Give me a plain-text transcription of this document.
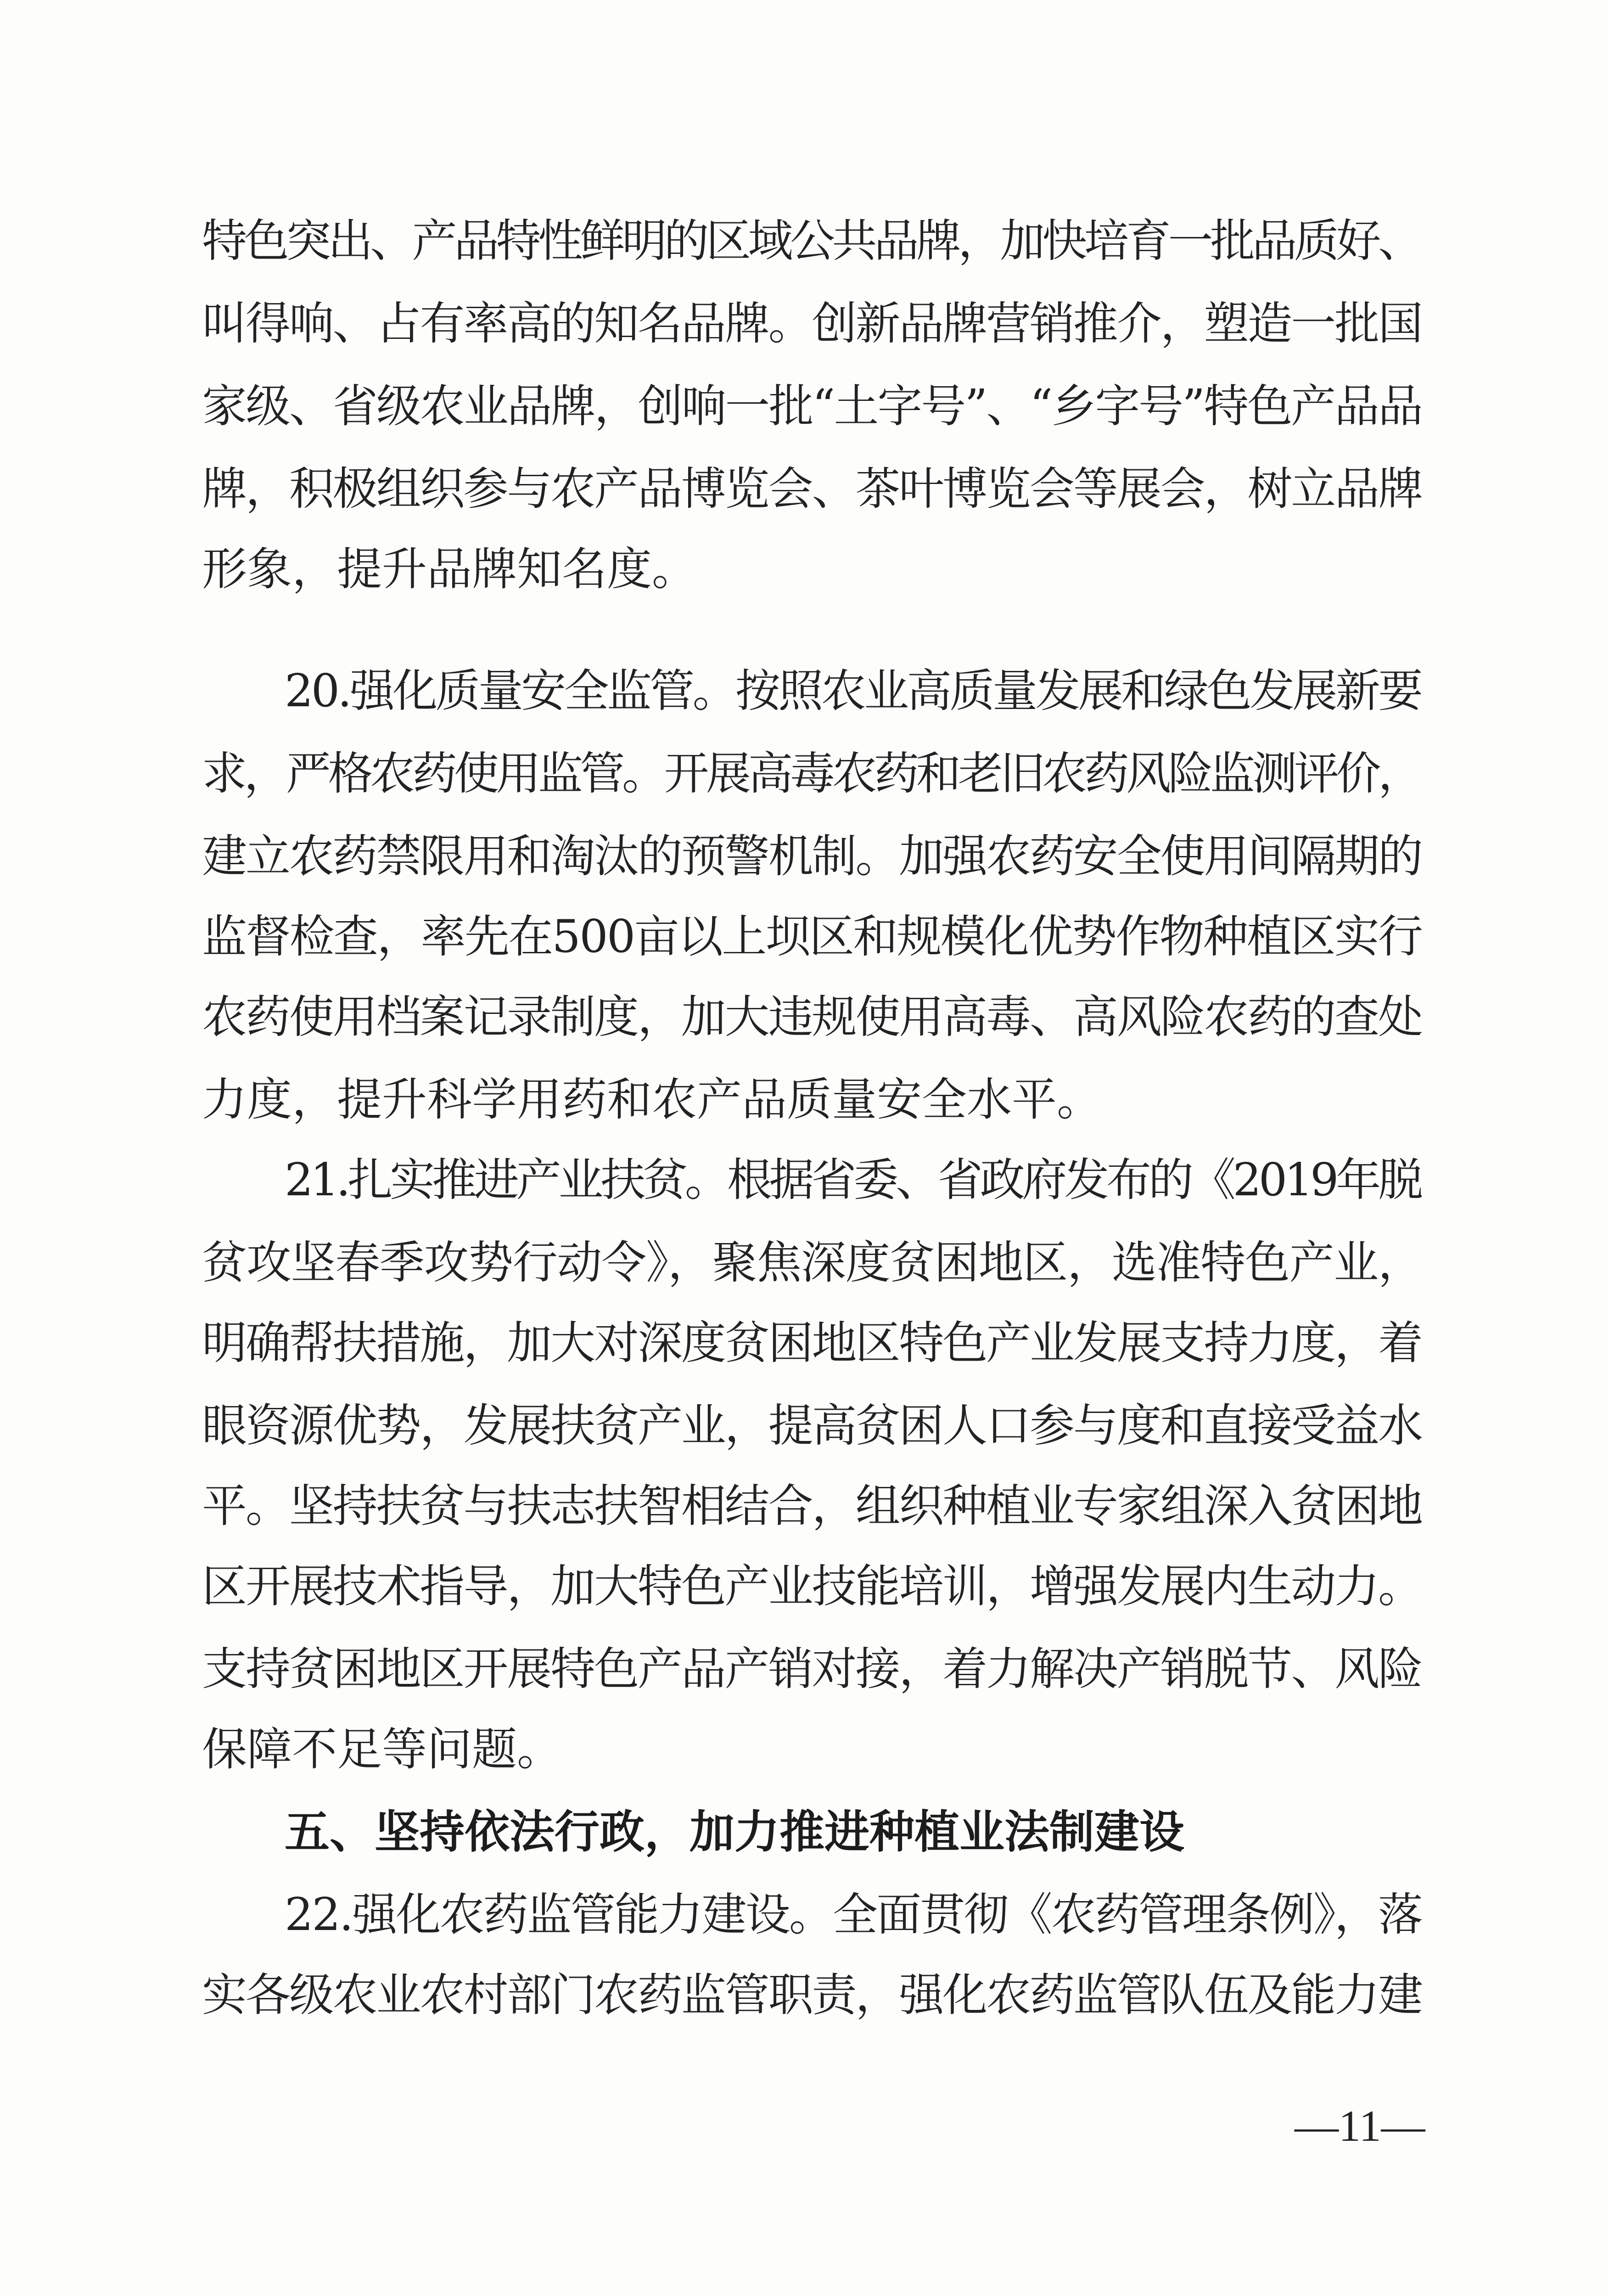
特色突出、产品特性鲜明的区域公共品牌，加快培育一批品质好、
叫得响、占有率高的知名品牌。创新品牌营销推介，塑造一批国
家级、省级农业品牌，创响一批“土字号”、“乡字号”特色产品品
牌，积极组织参与农产品博览会、茶叶博览会等展会，树立品牌
形象，提升品牌知名度。
20.强化质量安全监管。按照农业高质量发展和绿色发展新要
求，严格农药使用监管。开展高毒农药和老旧农药风险监测评价，
建立农药禁限用和淘汰的预警机制。加强农药安全使用间隔期的
监督检查，率先在500亩以上坝区和规模化优势作物种植区实行
农药使用档案记录制度，加大违规使用高毒、高风险农药的查处
力度，提升科学用药和农产品质量安全水平。
21.扎实推进产业扶贫。根据省委、省政府发布的《2019年脱
贫攻坚春季攻势行动令》，聚焦深度贫困地区，选准特色产业，
明确帮扶措施，加大对深度贫困地区特色产业发展支持力度，着
眼资源优势，发展扶贫产业，提高贫困人口参与度和直接受益水
平。坚持扶贫与扶志扶智相结合，组织种植业专家组深入贫困地
区开展技术指导，加大特色产业技能培训，增强发展内生动力。
支持贫困地区开展特色产品产销对接，着力解决产销脱节、风险
保障不足等问题。
五、坚持依法行政，加力推进种植业法制建设
22.强化农药监管能力建设。全面贯彻《农药管理条例》，落
实各级农业农村部门农药监管职责，强化农药监管队伍及能力建
—11—
